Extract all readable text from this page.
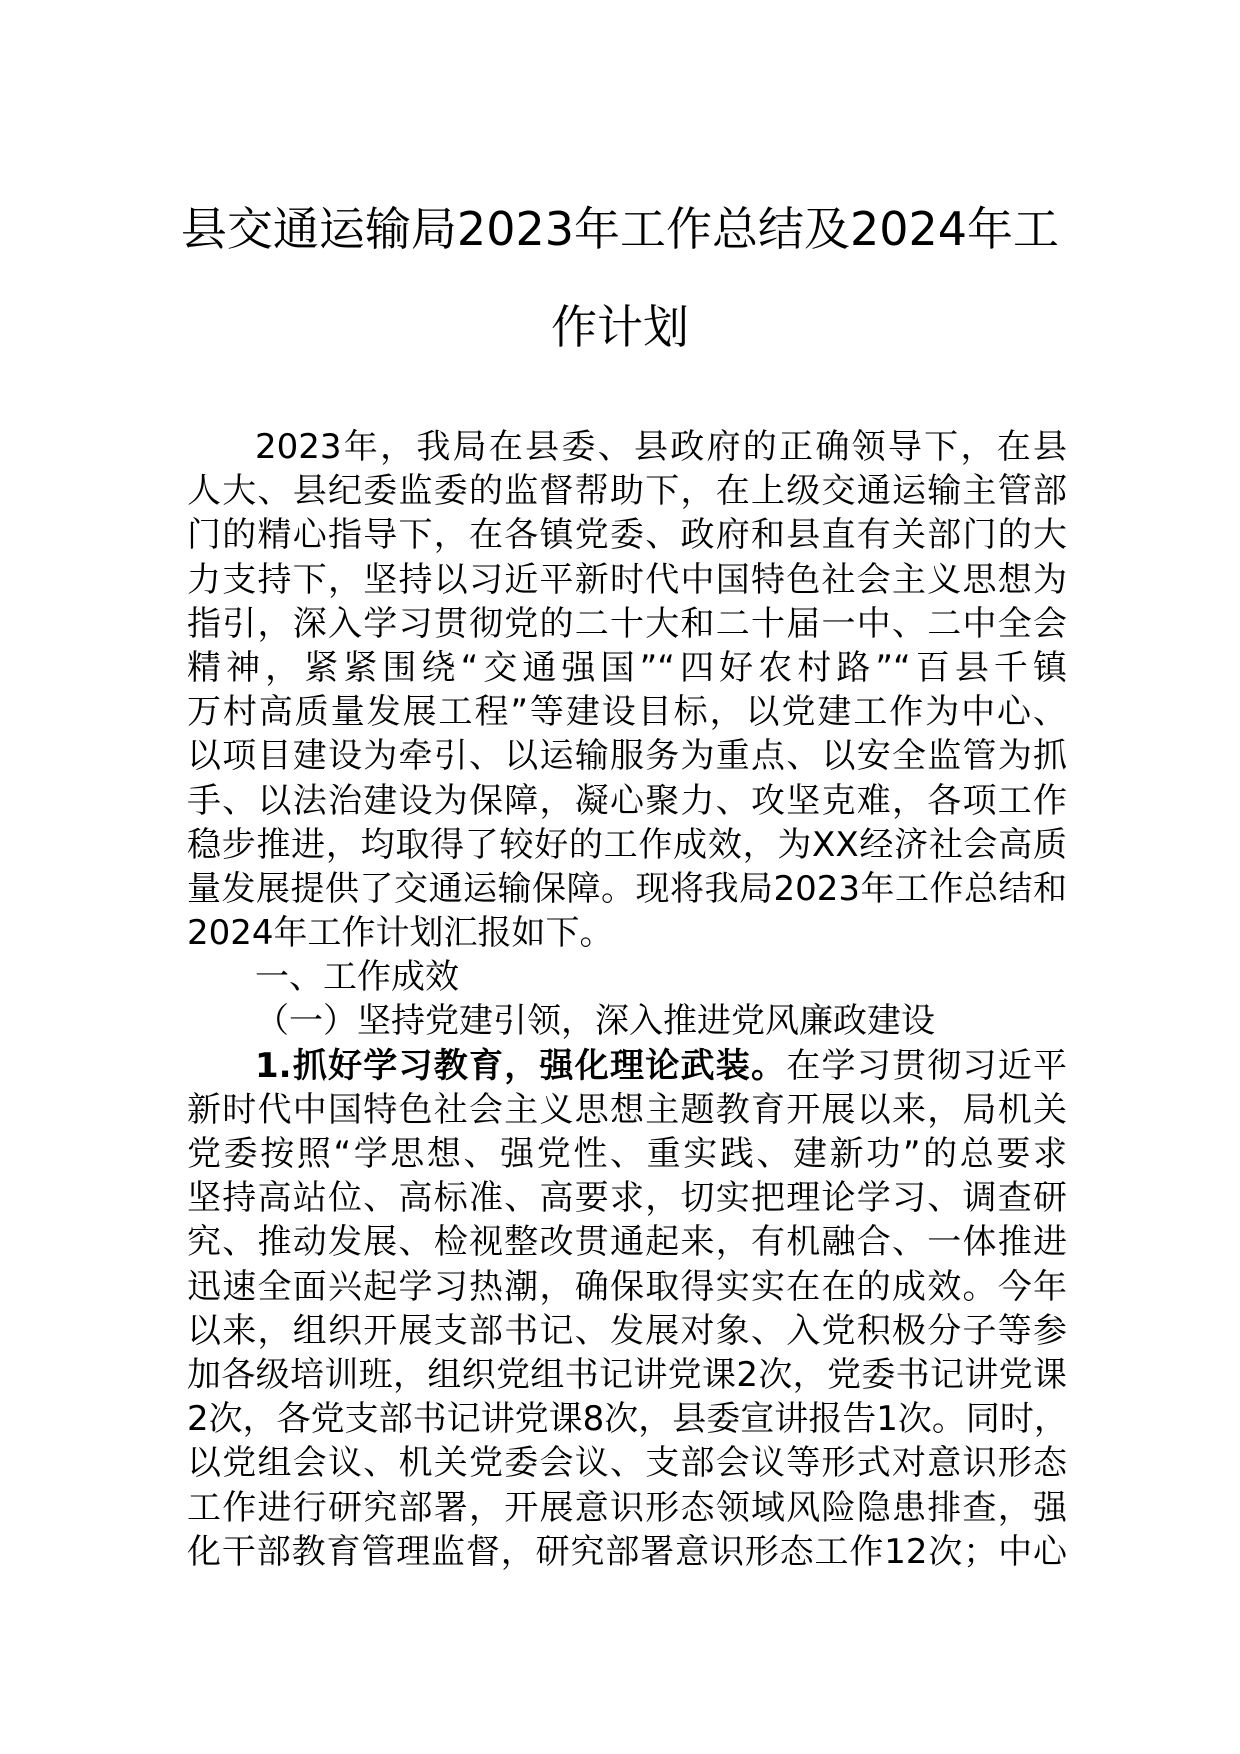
县交通运输局2023年工作总结及2024年工
作计划
2023年，我局在县委、县政府的正确领导下，在县
人大、县纪委监委的监督帮助下，在上级交通运输主管部
门的精心指导下，在各镇党委、政府和县直有关部门的大
力支持下，坚持以习近平新时代中国特色社会主义思想为
指引，深入学习贯彻党的二十大和二十届一中、二中全会
精神，紧紧围绕“交通强国”“四好农村路”“百县千镇
万村高质量发展工程”等建设目标，以党建工作为中心、
以项目建设为牵引、以运输服务为重点、以安全监管为抓
手、以法治建设为保障，凝心聚力、攻坚克难，各项工作
稳步推进，均取得了较好的工作成效，为XX经济社会高质
量发展提供了交通运输保障。现将我局2023年工作总结和
2024年工作计划汇报如下。
一、工作成效
（一）坚持党建引领，深入推进党风廉政建设
1.抓好学习教育，强化理论武装。在学习贯彻习近平
新时代中国特色社会主义思想主题教育开展以来，局机关
党委按照“学思想、强党性、重实践、建新功”的总要求
坚持高站位、高标准、高要求，切实把理论学习、调查研
究、推动发展、检视整改贯通起来，有机融合、一体推进
迅速全面兴起学习热潮，确保取得实实在在的成效。今年
以来，组织开展支部书记、发展对象、入党积极分子等参
加各级培训班，组织党组书记讲党课2次，党委书记讲党课
2次，各党支部书记讲党课8次，县委宣讲报告1次。同时，
以党组会议、机关党委会议、支部会议等形式对意识形态
工作进行研究部署，开展意识形态领域风险隐患排查，强
化干部教育管理监督，研究部署意识形态工作12次；中心
